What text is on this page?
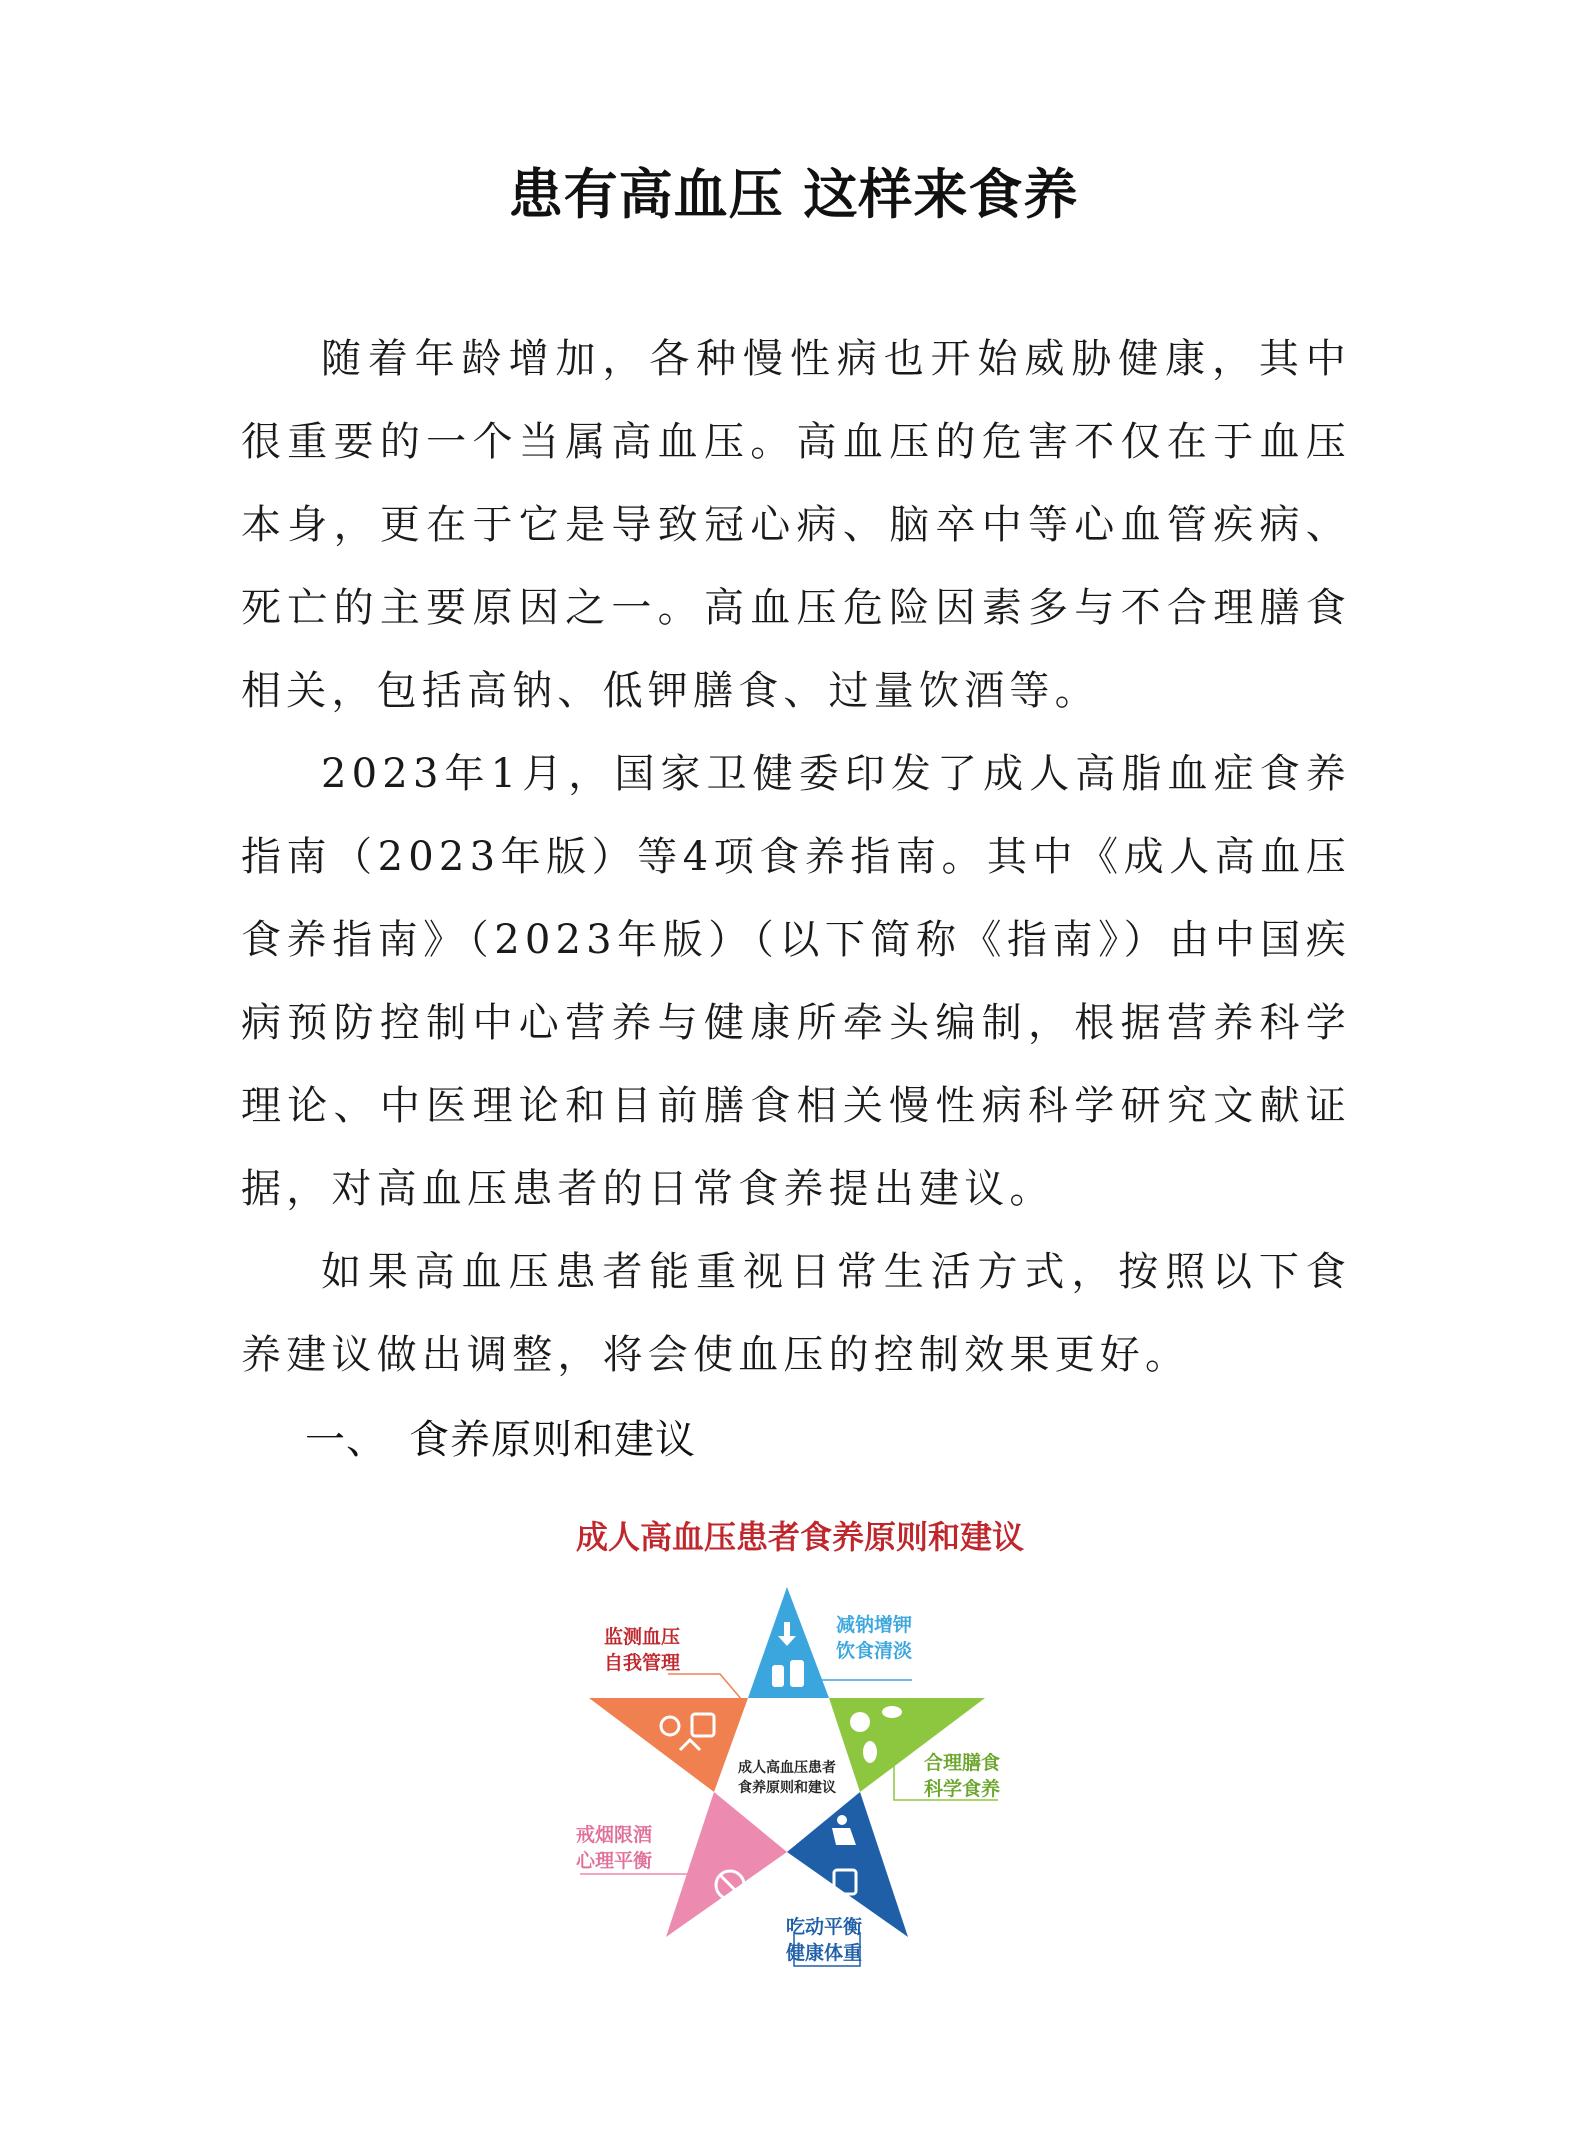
患有高血压 这样来食养

随着年龄增加，各种慢性病也开始威胁健康，其中很重要的一个当属高血压。高血压的危害不仅在于血压本身，更在于它是导致冠心病、脑卒中等心血管疾病、死亡的主要原因之一。高血压危险因素多与不合理膳食相关，包括高钠、低钾膳食、过量饮酒等。

2023年1月，国家卫健委印发了成人高脂血症食养指南（2023年版）等4项食养指南。其中《成人高血压食养指南》（2023年版）（以下简称《指南》）由中国疾病预防控制中心营养与健康所牵头编制，根据营养科学理论、中医理论和目前膳食相关慢性病科学研究文献证据，对高血压患者的日常食养提出建议。

如果高血压患者能重视日常生活方式，按照以下食养建议做出调整，将会使血压的控制效果更好。

一、 食养原则和建议
成人高血压患者食养原则和建议
成人高血压患者
食养原则和建议
减钠增钾
饮食清淡
合理膳食
科学食养
吃动平衡
健康体重
戒烟限酒
心理平衡
监测血压
自我管理
